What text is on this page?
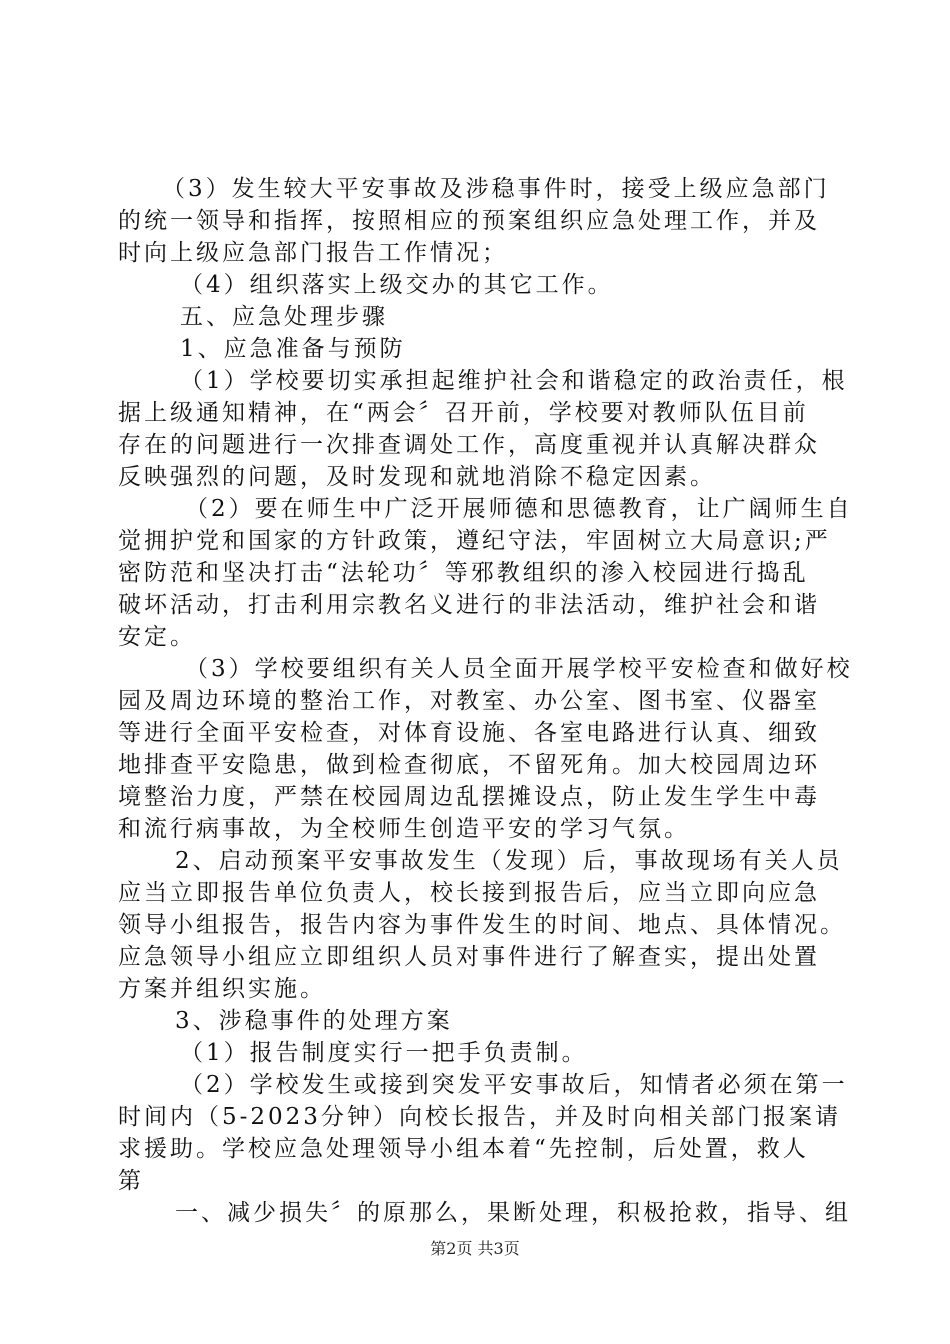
（3）发生较大平安事故及涉稳事件时，接受上级应急部门
的统一领导和指挥，按照相应的预案组织应急处理工作，并及
时向上级应急部门报告工作情况；
（4）组织落实上级交办的其它工作。
五、应急处理步骤
1、应急准备与预防
（1）学校要切实承担起维护社会和谐稳定的政治责任，根
据上级通知精神，在“两会〞召开前，学校要对教师队伍目前
存在的问题进行一次排查调处工作，高度重视并认真解决群众
反映强烈的问题，及时发现和就地消除不稳定因素。
（2）要在师生中广泛开展师德和思德教育，让广阔师生自
觉拥护党和国家的方针政策，遵纪守法，牢固树立大局意识;严
密防范和坚决打击“法轮功〞等邪教组织的渗入校园进行捣乱
破坏活动，打击利用宗教名义进行的非法活动，维护社会和谐
安定。
（3）学校要组织有关人员全面开展学校平安检查和做好校
园及周边环境的整治工作，对教室、办公室、图书室、仪器室
等进行全面平安检查，对体育设施、各室电路进行认真、细致
地排查平安隐患，做到检查彻底，不留死角。加大校园周边环
境整治力度，严禁在校园周边乱摆摊设点，防止发生学生中毒
和流行病事故，为全校师生创造平安的学习气氛。
2、启动预案平安事故发生（发现）后，事故现场有关人员
应当立即报告单位负责人，校长接到报告后，应当立即向应急
领导小组报告，报告内容为事件发生的时间、地点、具体情况。
应急领导小组应立即组织人员对事件进行了解查实，提出处置
方案并组织实施。
3、涉稳事件的处理方案
（1）报告制度实行一把手负责制。
（2）学校发生或接到突发平安事故后，知情者必须在第一
时间内（5-2023分钟）向校长报告，并及时向相关部门报案请
求援助。学校应急处理领导小组本着“先控制，后处置，救人
第
一、减少损失〞的原那么，果断处理，积极抢救，指导、组
第2页 共3页
